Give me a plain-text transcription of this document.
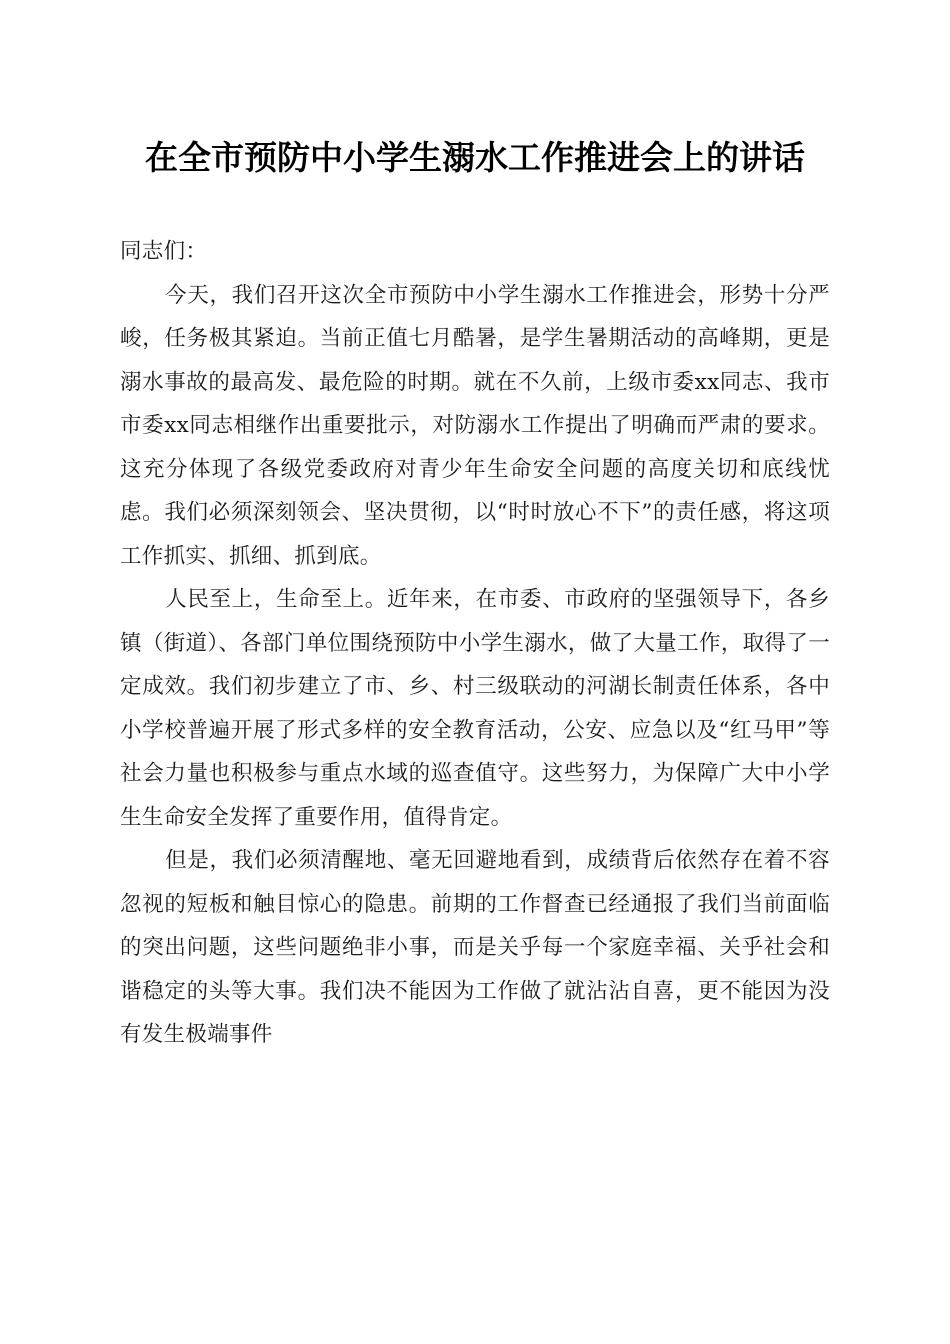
在全市预防中小学生溺水工作推进会上的讲话

同志们：

今天，我们召开这次全市预防中小学生溺水工作推进会，形势十分严峻，任务极其紧迫。当前正值七月酷暑，是学生暑期活动的高峰期，更是溺水事故的最高发、最危险的时期。就在不久前，上级市委xx同志、我市市委xx同志相继作出重要批示，对防溺水工作提出了明确而严肃的要求。这充分体现了各级党委政府对青少年生命安全问题的高度关切和底线忧虑。我们必须深刻领会、坚决贯彻，以“时时放心不下”的责任感，将这项工作抓实、抓细、抓到底。

人民至上，生命至上。近年来，在市委、市政府的坚强领导下，各乡镇（街道）、各部门单位围绕预防中小学生溺水，做了大量工作，取得了一定成效。我们初步建立了市、乡、村三级联动的河湖长制责任体系，各中小学校普遍开展了形式多样的安全教育活动，公安、应急以及“红马甲”等社会力量也积极参与重点水域的巡查值守。这些努力，为保障广大中小学生生命安全发挥了重要作用，值得肯定。

但是，我们必须清醒地、毫无回避地看到，成绩背后依然存在着不容忽视的短板和触目惊心的隐患。前期的工作督查已经通报了我们当前面临的突出问题，这些问题绝非小事，而是关乎每一个家庭幸福、关乎社会和谐稳定的头等大事。我们决不能因为工作做了就沾沾自喜，更不能因为没有发生极端事件
